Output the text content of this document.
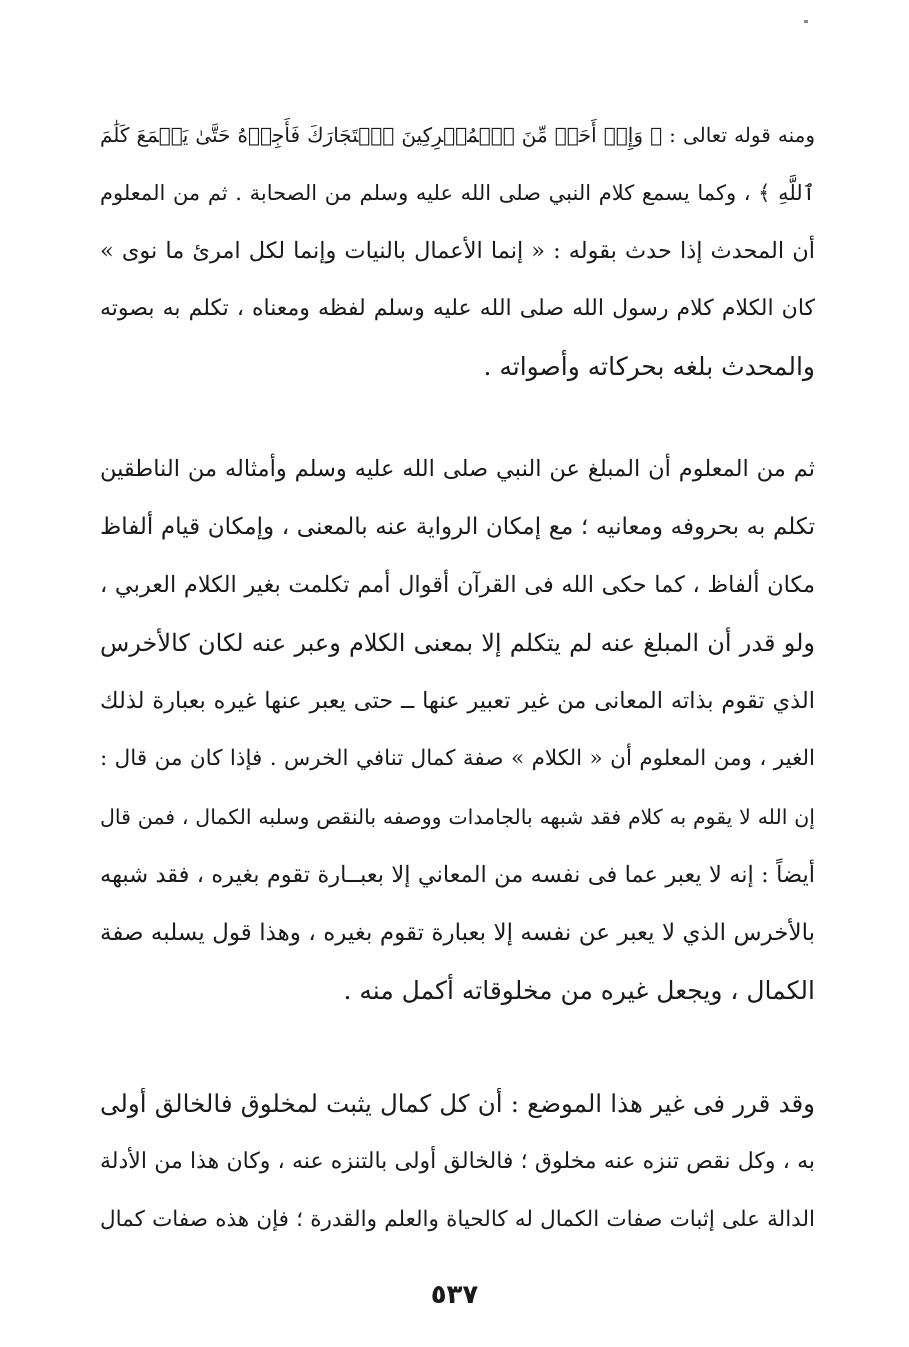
ومنه قوله تعالى : ﴿ وَإِنۡ أَحَدٞ مِّنَ ٱلۡمُشۡرِكِينَ ٱسۡتَجَارَكَ فَأَجِرۡهُ حَتَّىٰ يَسۡمَعَ كَلَٰمَ
ٱللَّهِ ﴾ ، وكما يسمع كلام النبي صلى الله عليه وسلم من الصحابة . ثم من المعلوم
أن المحدث إذا حدث بقوله : « إنما الأعمال بالنيات وإنما لكل امرئ ما نوى »
كان الكلام كلام رسول الله صلى الله عليه وسلم لفظه ومعناه ، تكلم به بصوته
والمحدث بلغه بحركاته وأصواته .
ثم من المعلوم أن المبلغ عن النبي صلى الله عليه وسلم وأمثاله من الناطقين
تكلم به بحروفه ومعانيه ؛ مع إمكان الرواية عنه بالمعنى ، وإمكان قيام ألفاظ
مكان ألفاظ ، كما حكى الله فى القرآن أقوال أمم تكلمت بغير الكلام العربي ،
ولو قدر أن المبلغ عنه لم يتكلم إلا بمعنى الكلام وعبر عنه لكان كالأخرس
الذي تقوم بذاته المعانى من غير تعبير عنها ــ حتى يعبر عنها غيره بعبارة لذلك
الغير ، ومن المعلوم أن « الكلام » صفة كمال تنافي الخرس . فإذا كان من قال :
إن الله لا يقوم به كلام فقد شبهه بالجامدات ووصفه بالنقص وسلبه الكمال ، فمن قال
أيضاً : إنه لا يعبر عما فى نفسه من المعاني إلا بعبــارة تقوم بغيره ، فقد شبهه
بالأخرس الذي لا يعبر عن نفسه إلا بعبارة تقوم بغيره ، وهذا قول يسلبه صفة
الكمال ، ويجعل غيره من مخلوقاته أكمل منه .
وقد قرر فى غير هذا الموضع : أن كل كمال يثبت لمخلوق فالخالق أولى
به ، وكل نقص تنزه عنه مخلوق ؛ فالخالق أولى بالتنزه عنه ، وكان هذا من الأدلة
الدالة على إثبات صفات الكمال له كالحياة والعلم والقدرة ؛ فإن هذه صفات كمال
٥٣٧
